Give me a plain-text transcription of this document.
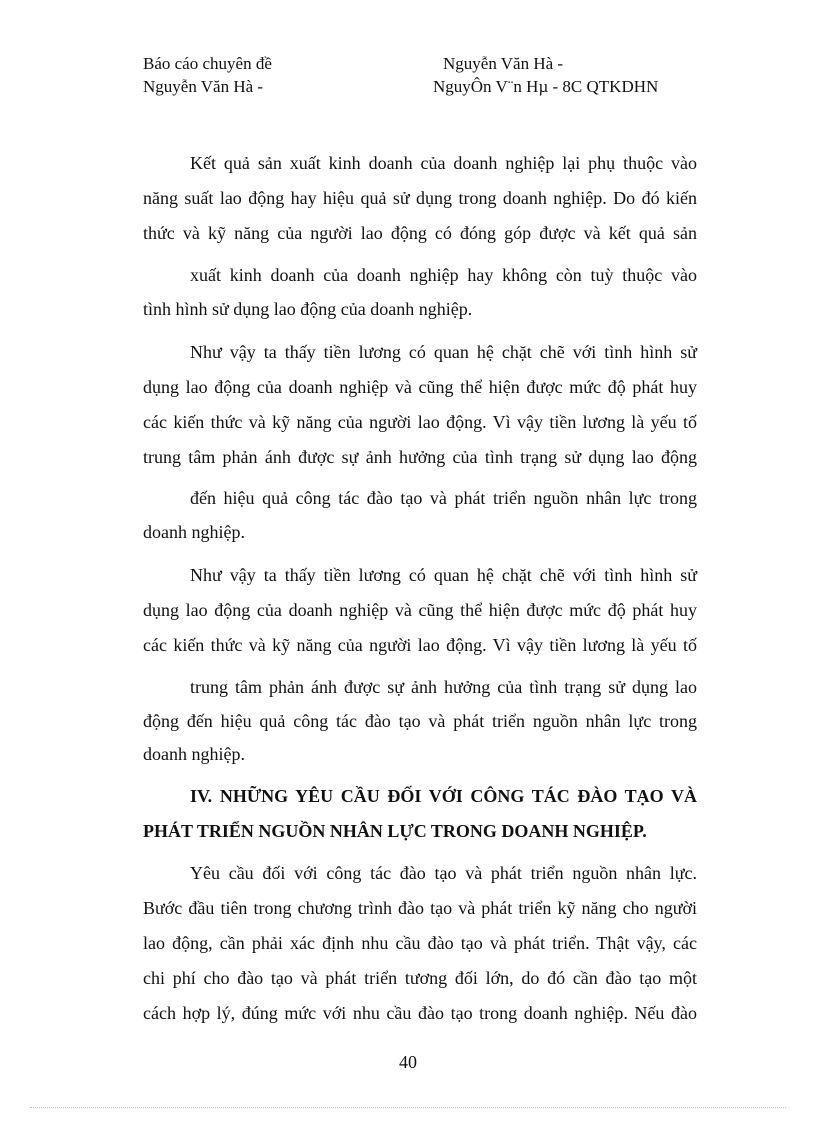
Báo cáo chuyên đề	Nguyễn Văn Hà -
Nguyễn Văn Hà -	NguyÔn V¨n Hµ - 8C QTKDHN
Kết quả sản xuất kinh doanh của doanh nghiệp lại phụ thuộc vào
năng suất lao động hay hiệu quả sử dụng trong doanh nghiệp. Do đó kiến
thức và kỹ năng của người lao động có đóng góp được và kết quả sản
xuất kinh doanh của doanh nghiệp hay không còn tuỳ thuộc vào
tình hình sử dụng lao động của doanh nghiệp.
Như vậy ta thấy tiền lương có quan hệ chặt chẽ với tình hình sử
dụng lao động của doanh nghiệp và cũng thể hiện được mức độ phát huy
các kiến thức và kỹ năng của người lao động. Vì vậy tiền lương là yếu tố
trung tâm phản ánh được sự ảnh hưởng của tình trạng sử dụng lao động
đến hiệu quả công tác đào tạo và phát triển nguồn nhân lực trong
doanh nghiệp.
Như vậy ta thấy tiền lương có quan hệ chặt chẽ với tình hình sử
dụng lao động của doanh nghiệp và cũng thể hiện được mức độ phát huy
các kiến thức và kỹ năng của người lao động. Vì vậy tiền lương là yếu tố
trung tâm phản ánh được sự ảnh hưởng của tình trạng sử dụng lao
động đến hiệu quả công tác đào tạo và phát triển nguồn nhân lực trong
doanh nghiệp.
IV. NHỮNG YÊU CẦU ĐỐI VỚI CÔNG TÁC ĐÀO TẠO VÀ
PHÁT TRIỂN NGUỒN NHÂN LỰC TRONG DOANH NGHIỆP.
Yêu cầu đối với công tác đào tạo và phát triển nguồn nhân lực.
Bước đầu tiên trong chương trình đào tạo và phát triển kỹ năng cho người
lao động, cần phải xác định nhu cầu đào tạo và phát triển. Thật vậy, các
chi phí cho đào tạo và phát triển tương đối lớn, do đó cần đào tạo một
cách hợp lý, đúng mức với nhu cầu đào tạo trong doanh nghiệp. Nếu đào
40
